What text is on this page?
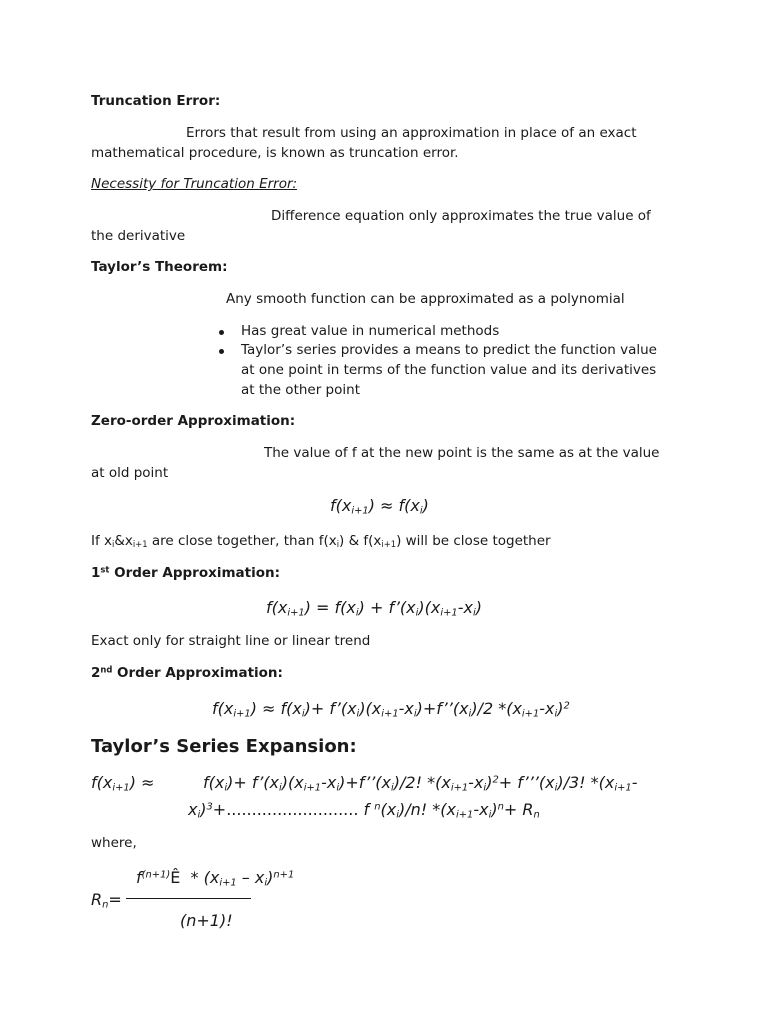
Truncation Error:
Errors that result from using an approximation in place of an exact
mathematical procedure, is known as truncation error.
Necessity for Truncation Error:
Difference equation only approximates the true value of
the derivative
Taylor’s Theorem:
Any smooth function can be approximated as a polynomial
Has great value in numerical methods
Taylor’s series provides a means to predict the function value
at one point in terms of the function value and its derivatives
at the other point
Zero-order Approximation:
The value of f at the new point is the same as at the value
at old point
$f(x_{i+1}) \approx f(x_i)$
If $x_i\&x_{i+1}$ are close together, than $f(x_i)$ & $f(x_{i+1})$ will be close together
1st Order Approximation:
$f(x_{i+1}) = f(x_i)$ + $f’(x_i)(x_{i+1}-x_i)$
Exact only for straight line or linear trend
2nd Order Approximation:
$f(x_{i+1}) \approx f(x_i)+$ $f’(x_i)(x_{i+1}-x_i)+f’’(x_i)/2$ $*(x_{i+1}-x_i)^2$
Taylor’s Series Expansion:
$f(x_{i+1})$ ≈	$f(x_i)+$ $f’(x_i)(x_{i+1}-x_i)+f’’(x_i)/2$! $*(x_{i+1}-x_i)^2+$ $f’’’(x_i)/3$! $*(x_{i+1}-$
$x_i)^3+$.......................... f $^n(x_i)/n$! $*(x_{i+1}-x_i)^n+ R_n$
where,
$f^{(n+1)}Ê * (x_{i+1} - x_i)^{n+1}$
$R_n=$
(n+1)!
